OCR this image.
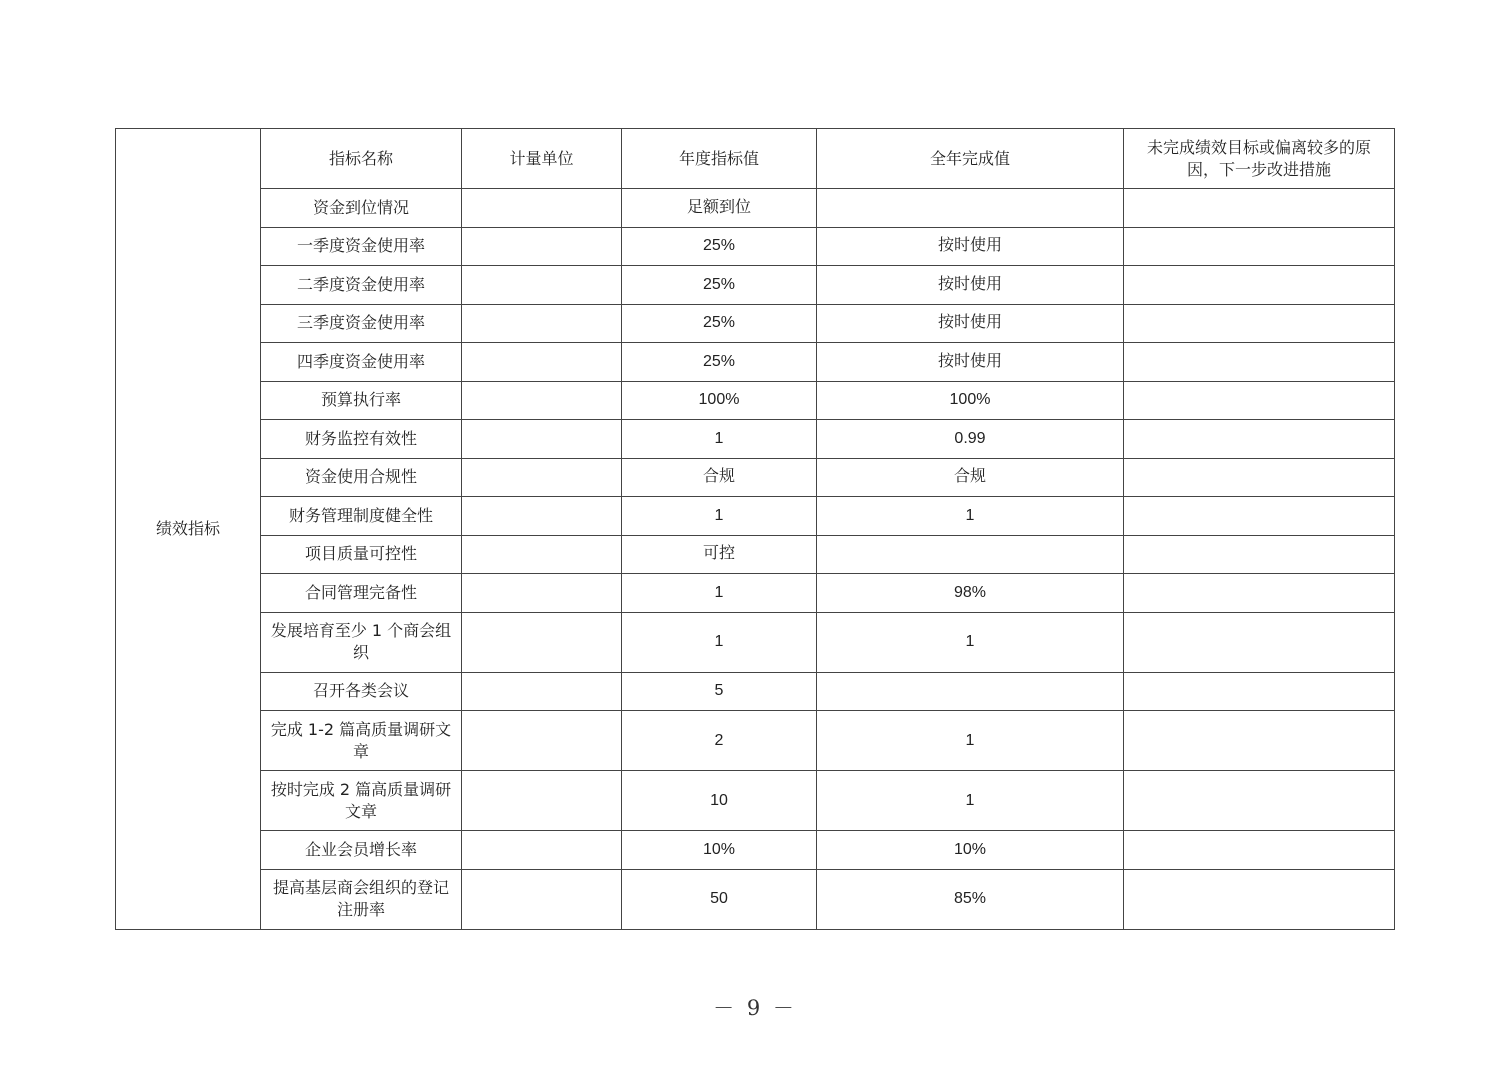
绩效指标	指标名称	计量单位	年度指标值	全年完成值	未完成绩效目标或偏离较多的原因，下一步改进措施
	资金到位情况		足额到位		
	一季度资金使用率		25%	按时使用	
	二季度资金使用率		25%	按时使用	
	三季度资金使用率		25%	按时使用	
	四季度资金使用率		25%	按时使用	
	预算执行率		100%	100%	
	财务监控有效性		1	0.99	
	资金使用合规性		合规	合规	
	财务管理制度健全性		1	1	
	项目质量可控性		可控		
	合同管理完备性		1	98%	
	发展培育至少 1 个商会组织		1	1	
	召开各类会议		5		
	完成 1-2 篇高质量调研文章		2	1	
	按时完成 2 篇高质量调研文章		10	1	
	企业会员增长率		10%	10%	
	提高基层商会组织的登记注册率		50	85%	
－ 9 －
